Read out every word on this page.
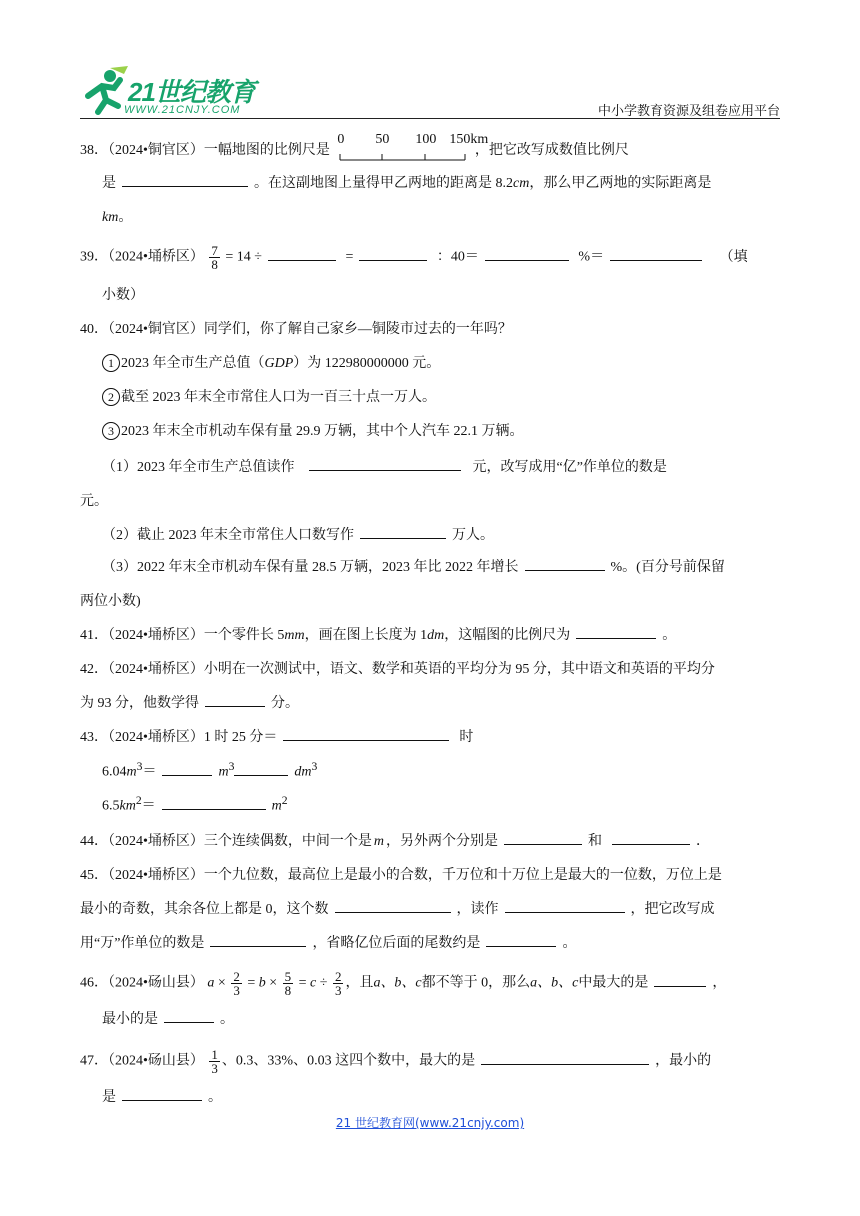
21世纪教育
WWW.21CNJY.COM	中小学教育资源及组卷应用平台
38．（2024•铜官区）一幅地图的比例尺是
0 50 100 150km
，把它改写成数值比例尺
是	。在这副地图上量得甲乙两地的距离是 8.2cm，那么甲乙两地的实际距离是
km。
39．（2024•埇桥区） $\frac{7}{8} = 14$ ÷	=	：40＝	%＝	（填
小数）
40．（2024•铜官区）同学们，你了解自己家乡—铜陵市过去的一年吗？
1 2023 年全市生产总值（GDP）为 122980000000 元。
2 截至 2023 年末全市常住人口为一百三十点一万人。
3 2023 年末全市机动车保有量 29.9 万辆，其中个人汽车 22.1 万辆。
（1）2023 年全市生产总值读作	元，改写成用“亿”作单位的数是
元。
（2）截止 2023 年末全市常住人口数写作	万人。
（3）2022 年末全市机动车保有量 28.5 万辆，2023 年比 2022 年增长	%。(百分号前保留
两位小数)
41．（2024•埇桥区）一个零件长 5mm，画在图上长度为 1dm，这幅图的比例尺为	。
42．（2024•埇桥区）小明在一次测试中，语文、数学和英语的平均分为 95 分，其中语文和英语的平均分
为 93 分，他数学得	分。
43．（2024•埇桥区）1 时 25 分＝	时
$6.04m^3=$	$m^3$	$dm^3$
$6.5km^2=$	$m^2$
44．（2024•埇桥区）三个连续偶数，中间一个是 m ，另外两个分别是	和	．
45．（2024•埇桥区）一个九位数，最高位上是最小的合数，千万位和十万位上是最大的一位数，万位上是
最小的奇数，其余各位上都是 0，这个数	，读作	，把它改写成
用“万”作单位的数是	，省略亿位后面的尾数约是	。
46．（2024•砀山县） $a \times \frac{2}{3} = b \times \frac{5}{8} = c \div \frac{2}{3}$ ，且a、b、c都不等于 0，那么a、b、c中最大的是	，
最小的是	。
47．（2024•砀山县） $\frac{1}{3}$ 、0.3、33%、0.03 这四个数中，最大的是	，最小的
是	。
21 世纪教育网(www.21cnjy.com)
